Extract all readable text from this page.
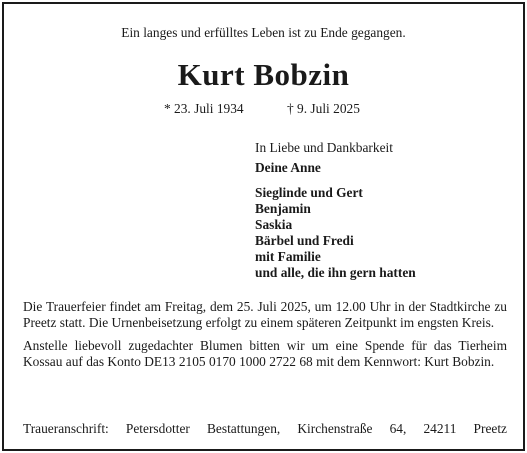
Ein langes und erfülltes Leben ist zu Ende gegangen.
Kurt Bobzin
* 23. Juli 1934	† 9. Juli 2025
In Liebe und Dankbarkeit
Deine Anne
Sieglinde und Gert
Benjamin
Saskia
Bärbel und Fredi
mit Familie
und alle, die ihn gern hatten

Die Trauerfeier findet am Freitag, dem 25. Juli 2025, um 12.00 Uhr in der Stadtkirche zu Preetz statt. Die Urnenbeisetzung erfolgt zu einem späteren Zeitpunkt im engsten Kreis.

Anstelle liebevoll zugedachter Blumen bitten wir um eine Spende für das Tierheim Kossau auf das Konto DE13 2105 0170 1000 2722 68 mit dem Kennwort: Kurt Bobzin.

Traueranschrift: Petersdotter Bestattungen, Kirchenstraße 64, 24211 Preetz
